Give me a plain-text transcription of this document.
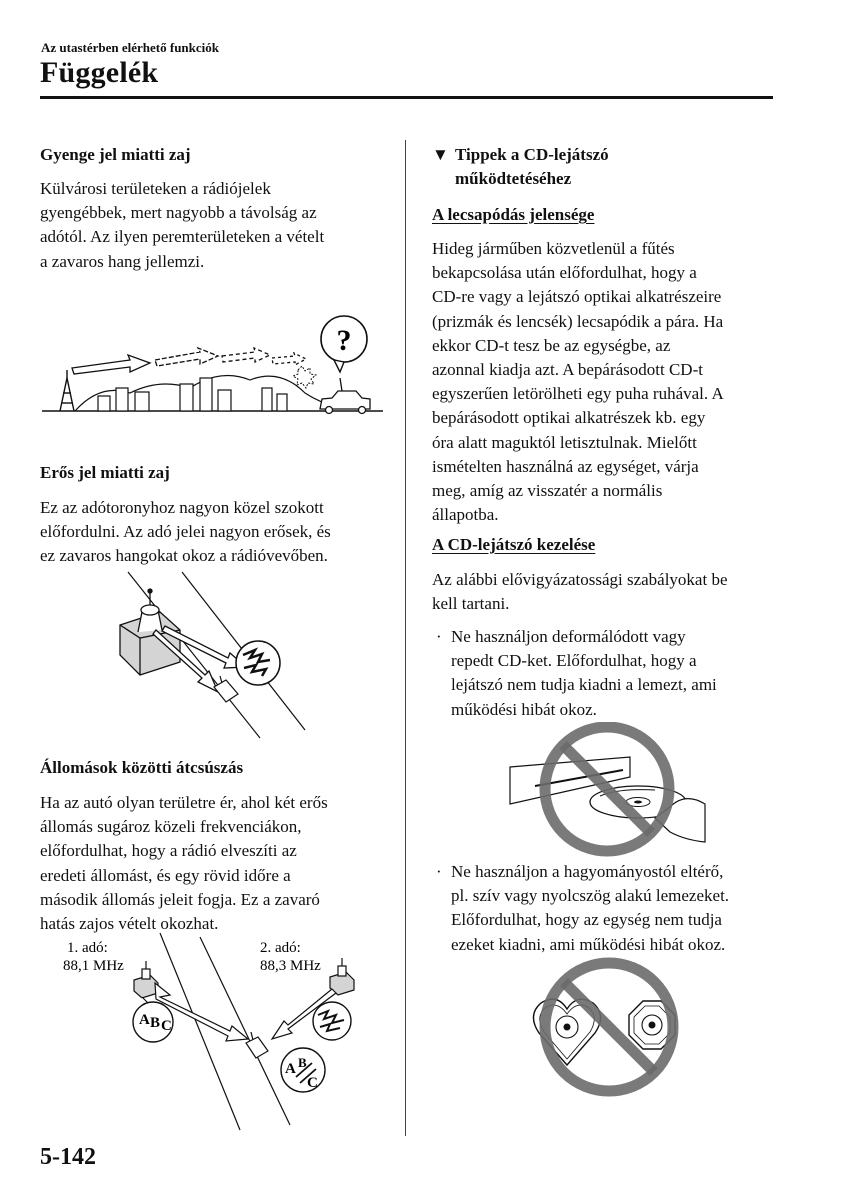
Az utastérben elérhető funkciók
Függelék
Gyenge jel miatti zaj

Külvárosi területeken a rádiójelek

gyengébbek, mert nagyobb a távolság az

adótól. Az ilyen peremterületeken a vételt

a zavaros hang jellemzi.

?
Erős jel miatti zaj

Ez az adótoronyhoz nagyon közel szokott

előfordulni. Az adó jelei nagyon erősek, és

ez zavaros hangokat okoz a rádióvevőben.

Állomások közötti átcsúszás

Ha az autó olyan területre ér, ahol két erős

állomás sugároz közeli frekvenciákon,

előfordulhat, hogy a rádió elveszíti az

eredeti állomást, és egy rövid időre a

második állomás jeleit fogja. Ez a zavaró

hatás zajos vételt okozhat.

1. adó:
88,1 MHz
2. adó:
88,3 MHz
A B C
A B
C
▼ Tippek a CD-lejátszó
működtetéséhez
A lecsapódás jelensége

Hideg járműben közvetlenül a fűtés

bekapcsolása után előfordulhat, hogy a

CD-re vagy a lejátszó optikai alkatrészeire

(prizmák és lencsék) lecsapódik a pára. Ha

ekkor CD-t tesz be az egységbe, az

azonnal kiadja azt. A bepárásodott CD-t

egyszerűen letörölheti egy puha ruhával. A

bepárásodott optikai alkatrészek kb. egy

óra alatt maguktól letisztulnak. Mielőtt

ismételten használná az egységet, várja

meg, amíg az visszatér a normális

állapotba.

A CD-lejátszó kezelése

Az alábbi elővigyázatossági szabályokat be

kell tartani.

· Ne használjon deformálódott vagy

repedt CD-ket. Előfordulhat, hogy a

lejátszó nem tudja kiadni a lemezt, ami

működési hibát okoz.

· Ne használjon a hagyományostól eltérő,

pl. szív vagy nyolcszög alakú lemezeket.

Előfordulhat, hogy az egység nem tudja

ezeket kiadni, ami működési hibát okoz.

5-142
